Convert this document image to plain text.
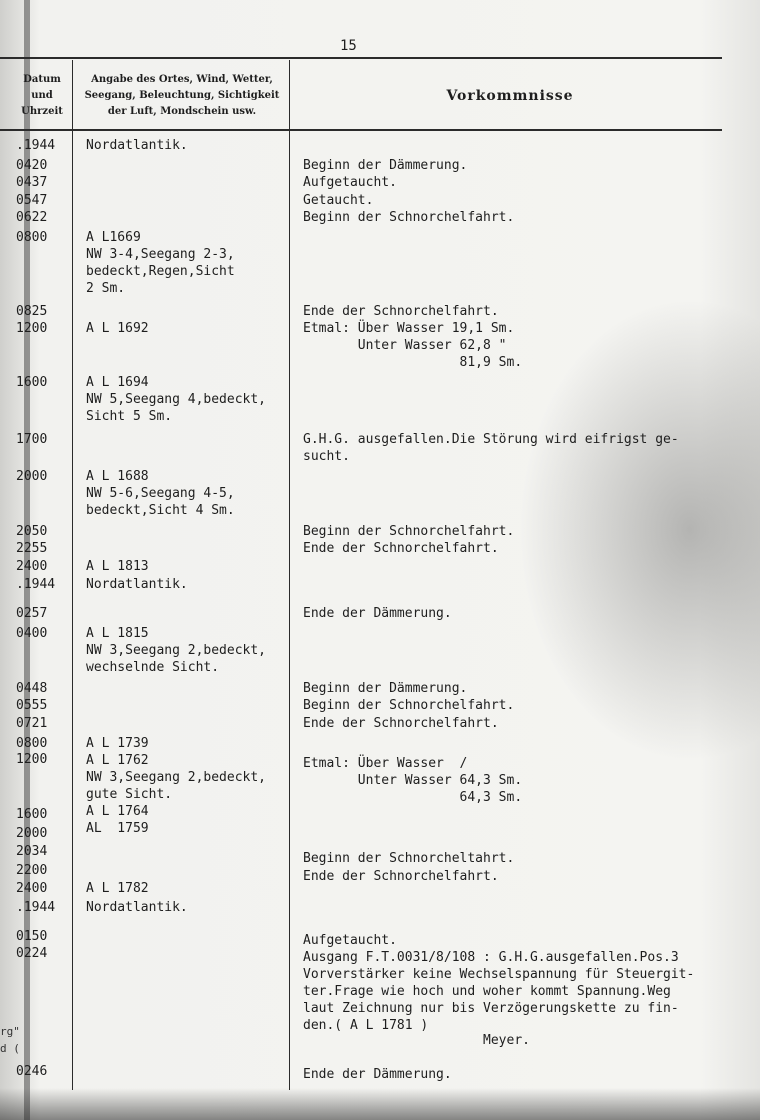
15
Datum
und
Uhrzeit
Angabe des Ortes, Wind, Wetter,
Seegang, Beleuchtung, Sichtigkeit
der Luft, Mondschein usw.
Vorkommnisse
.1944
0420
0437
0547
0622
0800
0825
1200
1600
1700
2000
2050
2255
2400
.1944
0257
0400
0448
0555
0721
0800
1200
1600
2000
2034
2200
2400
.1944
0150
0224
0246
Nordatlantik.
A L1669
NW 3-4,Seegang 2-3,
bedeckt,Regen,Sicht
2 Sm.
A L 1692
A L 1694
NW 5,Seegang 4,bedeckt,
Sicht 5 Sm.
A L 1688
NW 5-6,Seegang 4-5,
bedeckt,Sicht 4 Sm.
A L 1813
Nordatlantik.
A L 1815
NW 3,Seegang 2,bedeckt,
wechselnde Sicht.
A L 1739
A L 1762
NW 3,Seegang 2,bedeckt,
gute Sicht.
A L 1764
AL  1759
A L 1782
Nordatlantik.
Beginn der Dämmerung.
Aufgetaucht.
Getaucht.
Beginn der Schnorchelfahrt.
Ende der Schnorchelfahrt.
Etmal: Über Wasser 19,1 Sm.
Unter Wasser 62,8 "
81,9 Sm.
G.H.G. ausgefallen.Die Störung wird eifrigst ge-
sucht.
Beginn der Schnorchelfahrt.
Ende der Schnorchelfahrt.
Ende der Dämmerung.
Beginn der Dämmerung.
Beginn der Schnorchelfahrt.
Ende der Schnorchelfahrt.
Etmal: Über Wasser  /
Unter Wasser 64,3 Sm.
64,3 Sm.
Beginn der Schnorcheltahrt.
Ende der Schnorchelfahrt.
Aufgetaucht.
Ausgang F.T.0031/8/108 : G.H.G.ausgefallen.Pos.3
Vorverstärker keine Wechselspannung für Steuergit-
ter.Frage wie hoch und woher kommt Spannung.Weg
laut Zeichnung nur bis Verzögerungskette zu fin-
den.( A L 1781 )
Meyer.
Ende der Dämmerung.
rg"
d (
